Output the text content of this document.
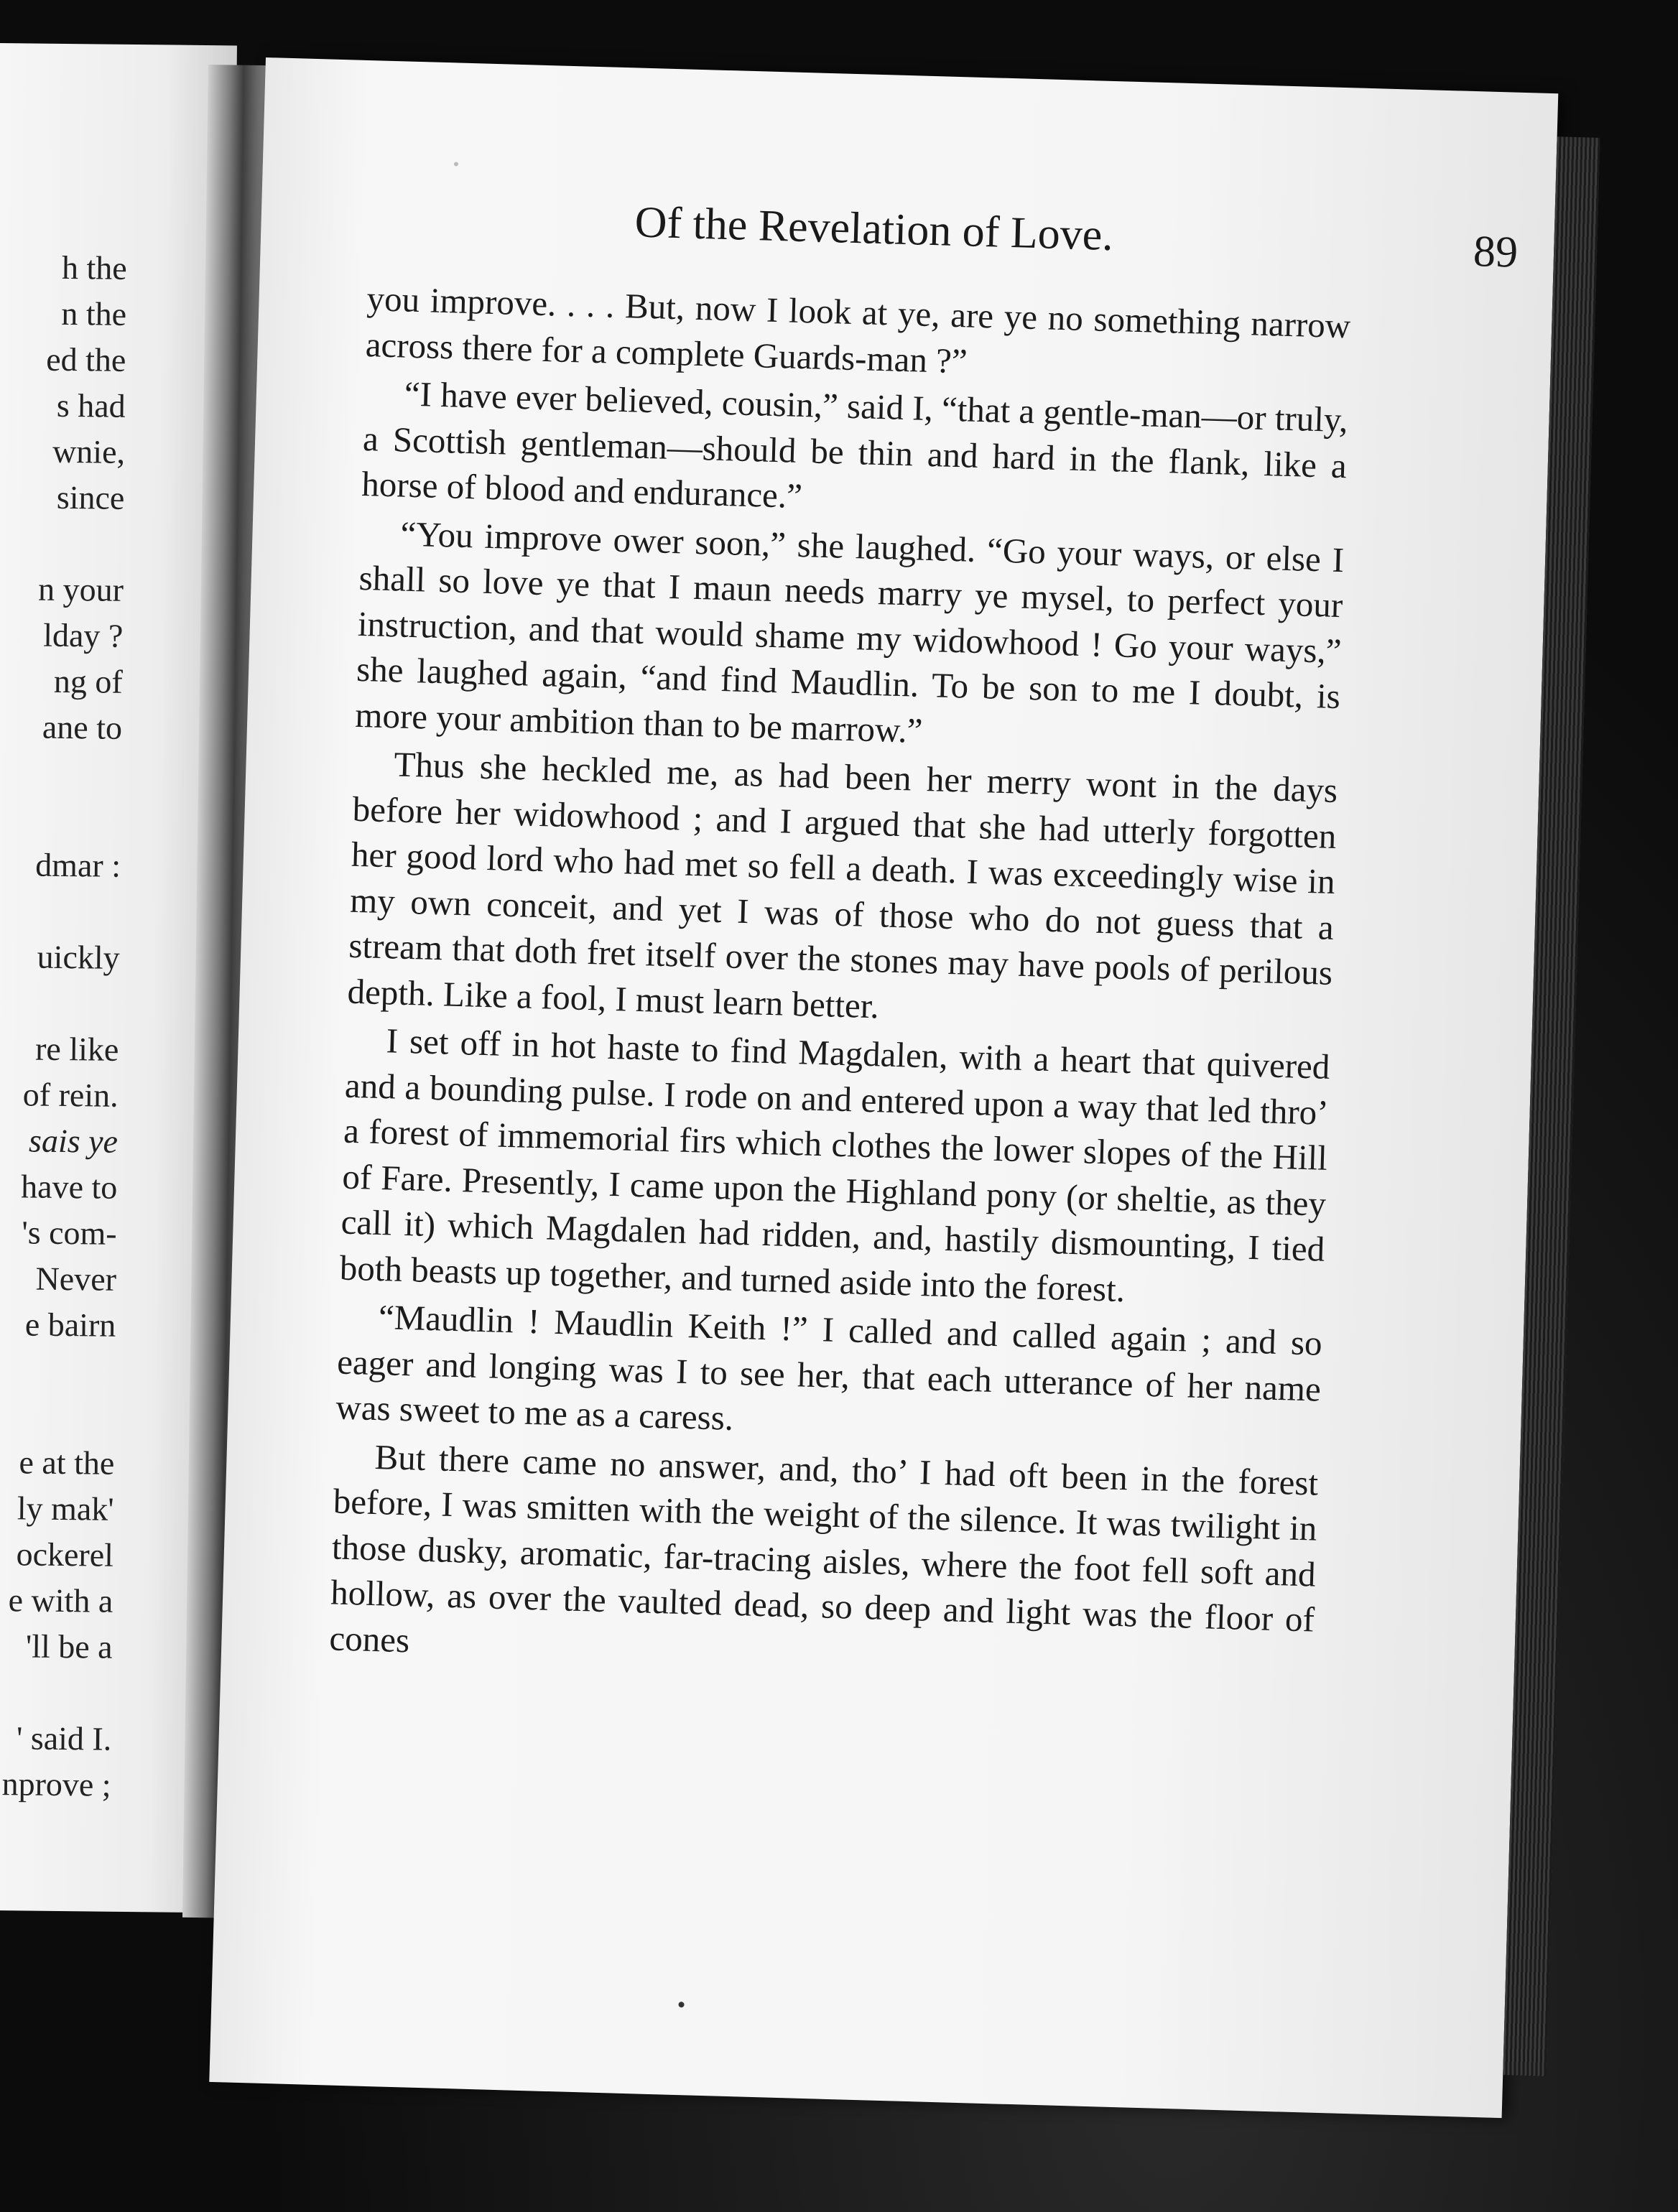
h the
n the
ed the
s had
wnie,
since
n your
lday ?
ng of
ane to
dmar :
uickly
re like
of rein.
sais ye
have to
's com-
Never
e bairn
e at the
ly mak'
ockerel
e with a
'll be a
' said I.
nprove ;
Of the Revelation of Love.	89

you improve. . . . But, now I look at ye, are ye no something narrow across there for a complete Guards-man ?”

“I have ever believed, cousin,” said I, “that a gentle-man—or truly, a Scottish gentleman—should be thin and hard in the flank, like a horse of blood and endurance.”

“You improve ower soon,” she laughed. “Go your ways, or else I shall so love ye that I maun needs marry ye mysel, to perfect your instruction, and that would shame my widowhood ! Go your ways,” she laughed again, “and find Maudlin. To be son to me I doubt, is more your ambition than to be marrow.”

Thus she heckled me, as had been her merry wont in the days before her widowhood ; and I argued that she had utterly forgotten her good lord who had met so fell a death. I was exceedingly wise in my own conceit, and yet I was of those who do not guess that a stream that doth fret itself over the stones may have pools of perilous depth. Like a fool, I must learn better.

I set off in hot haste to find Magdalen, with a heart that quivered and a bounding pulse. I rode on and entered upon a way that led thro’ a forest of immemorial firs which clothes the lower slopes of the Hill of Fare. Presently, I came upon the Highland pony (or sheltie, as they call it) which Magdalen had ridden, and, hastily dismounting, I tied both beasts up together, and turned aside into the forest.

“Maudlin ! Maudlin Keith !” I called and called again ; and so eager and longing was I to see her, that each utterance of her name was sweet to me as a caress.

But there came no answer, and, tho’ I had oft been in the forest before, I was smitten with the weight of the silence. It was twilight in those dusky, aromatic, far-tracing aisles, where the foot fell soft and hollow, as over the vaulted dead, so deep and light was the floor of cones
